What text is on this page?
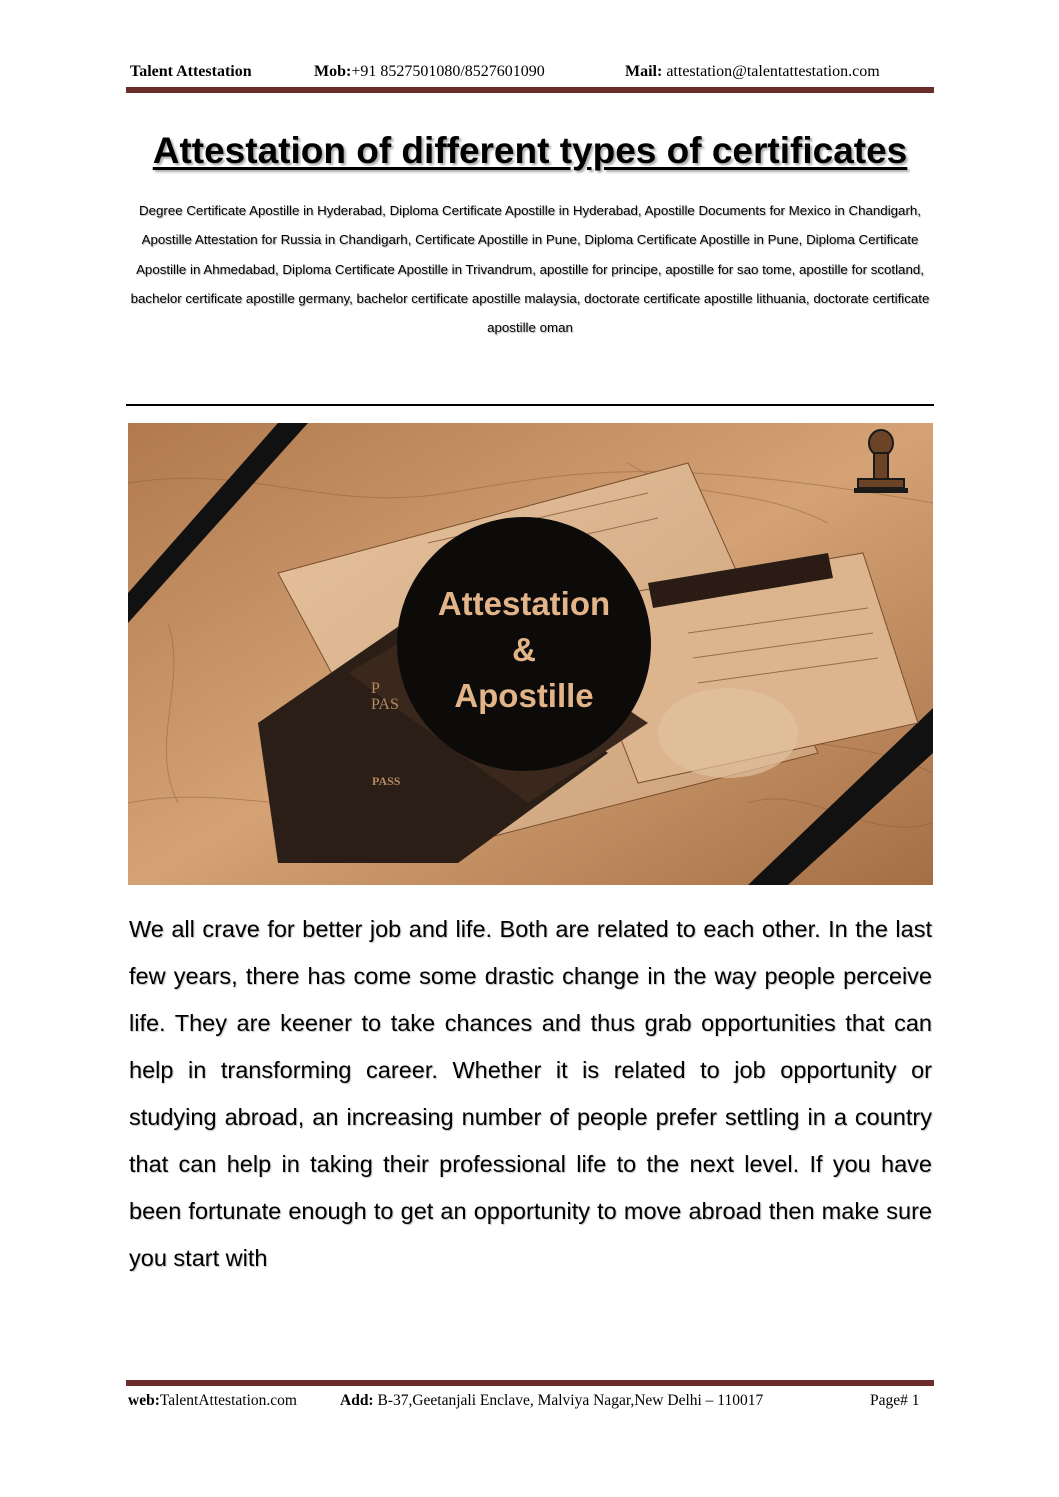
Talent Attestation	Mob:+91 8527501080/8527601090	Mail: attestation@talentattestation.com
Attestation of different types of certificates
Degree Certificate Apostille in Hyderabad, Diploma Certificate Apostille in Hyderabad, Apostille Documents for Mexico in Chandigarh, Apostille Attestation for Russia in Chandigarh, Certificate Apostille in Pune, Diploma Certificate Apostille in Pune, Diploma Certificate Apostille in Ahmedabad, Diploma Certificate Apostille in Trivandrum, apostille for principe, apostille for sao tome, apostille for scotland, bachelor certificate apostille germany, bachelor certificate apostille malaysia, doctorate certificate apostille lithuania, doctorate certificate apostille oman
P
PAS
PASS
Attestation
&
Apostille
We all crave for better job and life. Both are related to each other. In the last few years, there has come some drastic change in the way people perceive life. They are keener to take chances and thus grab opportunities that can help in transforming career. Whether it is related to job opportunity or studying abroad, an increasing number of people prefer settling in a country that can help in taking their professional life to the next level. If you have been fortunate enough to get an opportunity to move abroad then make sure you start with
web:TalentAttestation.com	Add: B-37,Geetanjali Enclave, Malviya Nagar,New Delhi – 110017	Page# 1
